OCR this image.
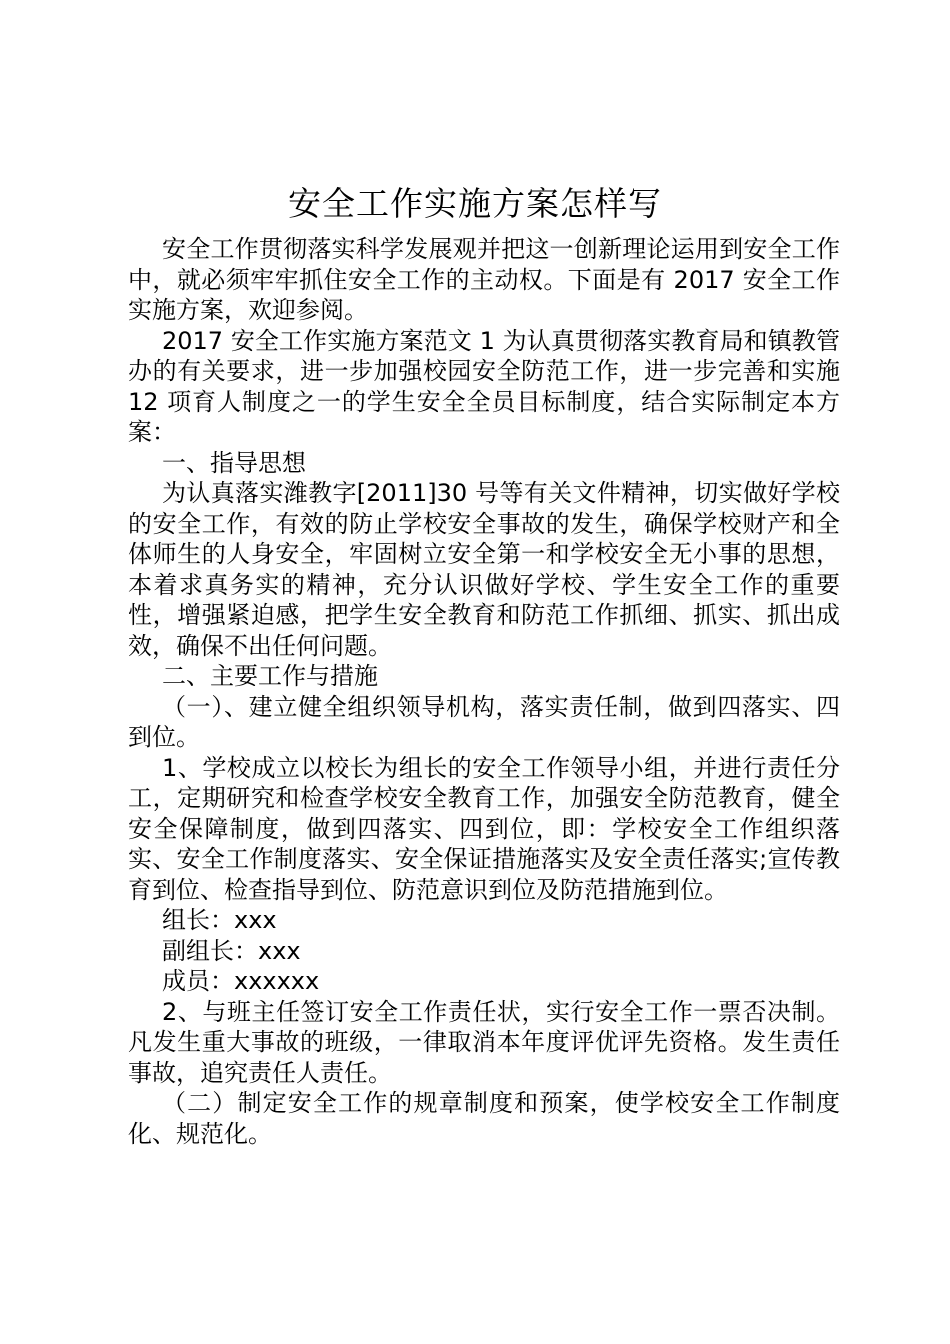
安全工作实施方案怎样写

安全工作贯彻落实科学发展观并把这一创新理论运用到安全工作中，就必须牢牢抓住安全工作的主动权。下面是有 2017 安全工作实施方案，欢迎参阅。

2017 安全工作实施方案范文 1 为认真贯彻落实教育局和镇教管办的有关要求，进一步加强校园安全防范工作，进一步完善和实施 12 项育人制度之一的学生安全全员目标制度，结合实际制定本方案：

一、指导思想

为认真落实潍教字[2011]30 号等有关文件精神，切实做好学校的安全工作，有效的防止学校安全事故的发生，确保学校财产和全体师生的人身安全，牢固树立安全第一和学校安全无小事的思想，本着求真务实的精神，充分认识做好学校、学生安全工作的重要性，增强紧迫感，把学生安全教育和防范工作抓细、抓实、抓出成效，确保不出任何问题。

二、主要工作与措施

（一）、建立健全组织领导机构，落实责任制，做到四落实、四到位。

1、学校成立以校长为组长的安全工作领导小组，并进行责任分工，定期研究和检查学校安全教育工作，加强安全防范教育，健全安全保障制度，做到四落实、四到位，即：学校安全工作组织落实、安全工作制度落实、安全保证措施落实及安全责任落实;宣传教育到位、检查指导到位、防范意识到位及防范措施到位。

组长：xxx

副组长：xxx

成员：xxxxxx

2、与班主任签订安全工作责任状，实行安全工作一票否决制。凡发生重大事故的班级，一律取消本年度评优评先资格。发生责任事故，追究责任人责任。

（二）制定安全工作的规章制度和预案，使学校安全工作制度化、规范化。
